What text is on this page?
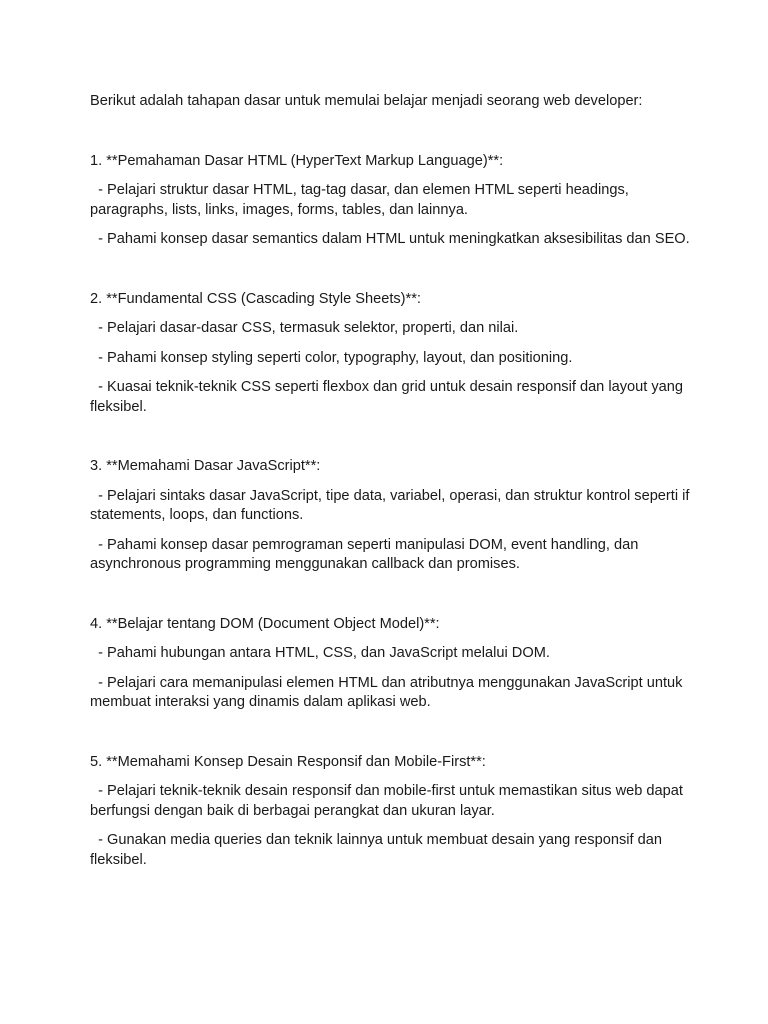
Berikut adalah tahapan dasar untuk memulai belajar menjadi seorang web developer:

1. **Pemahaman Dasar HTML (HyperText Markup Language)**:

- Pelajari struktur dasar HTML, tag-tag dasar, dan elemen HTML seperti headings, paragraphs, lists, links, images, forms, tables, dan lainnya.

- Pahami konsep dasar semantics dalam HTML untuk meningkatkan aksesibilitas dan SEO.

2. **Fundamental CSS (Cascading Style Sheets)**:

- Pelajari dasar-dasar CSS, termasuk selektor, properti, dan nilai.

- Pahami konsep styling seperti color, typography, layout, dan positioning.

- Kuasai teknik-teknik CSS seperti flexbox dan grid untuk desain responsif dan layout yang fleksibel.

3. **Memahami Dasar JavaScript**:

- Pelajari sintaks dasar JavaScript, tipe data, variabel, operasi, dan struktur kontrol seperti if statements, loops, dan functions.

- Pahami konsep dasar pemrograman seperti manipulasi DOM, event handling, dan asynchronous programming menggunakan callback dan promises.

4. **Belajar tentang DOM (Document Object Model)**:

- Pahami hubungan antara HTML, CSS, dan JavaScript melalui DOM.

- Pelajari cara memanipulasi elemen HTML dan atributnya menggunakan JavaScript untuk membuat interaksi yang dinamis dalam aplikasi web.

5. **Memahami Konsep Desain Responsif dan Mobile-First**:

- Pelajari teknik-teknik desain responsif dan mobile-first untuk memastikan situs web dapat berfungsi dengan baik di berbagai perangkat dan ukuran layar.

- Gunakan media queries dan teknik lainnya untuk membuat desain yang responsif dan fleksibel.
